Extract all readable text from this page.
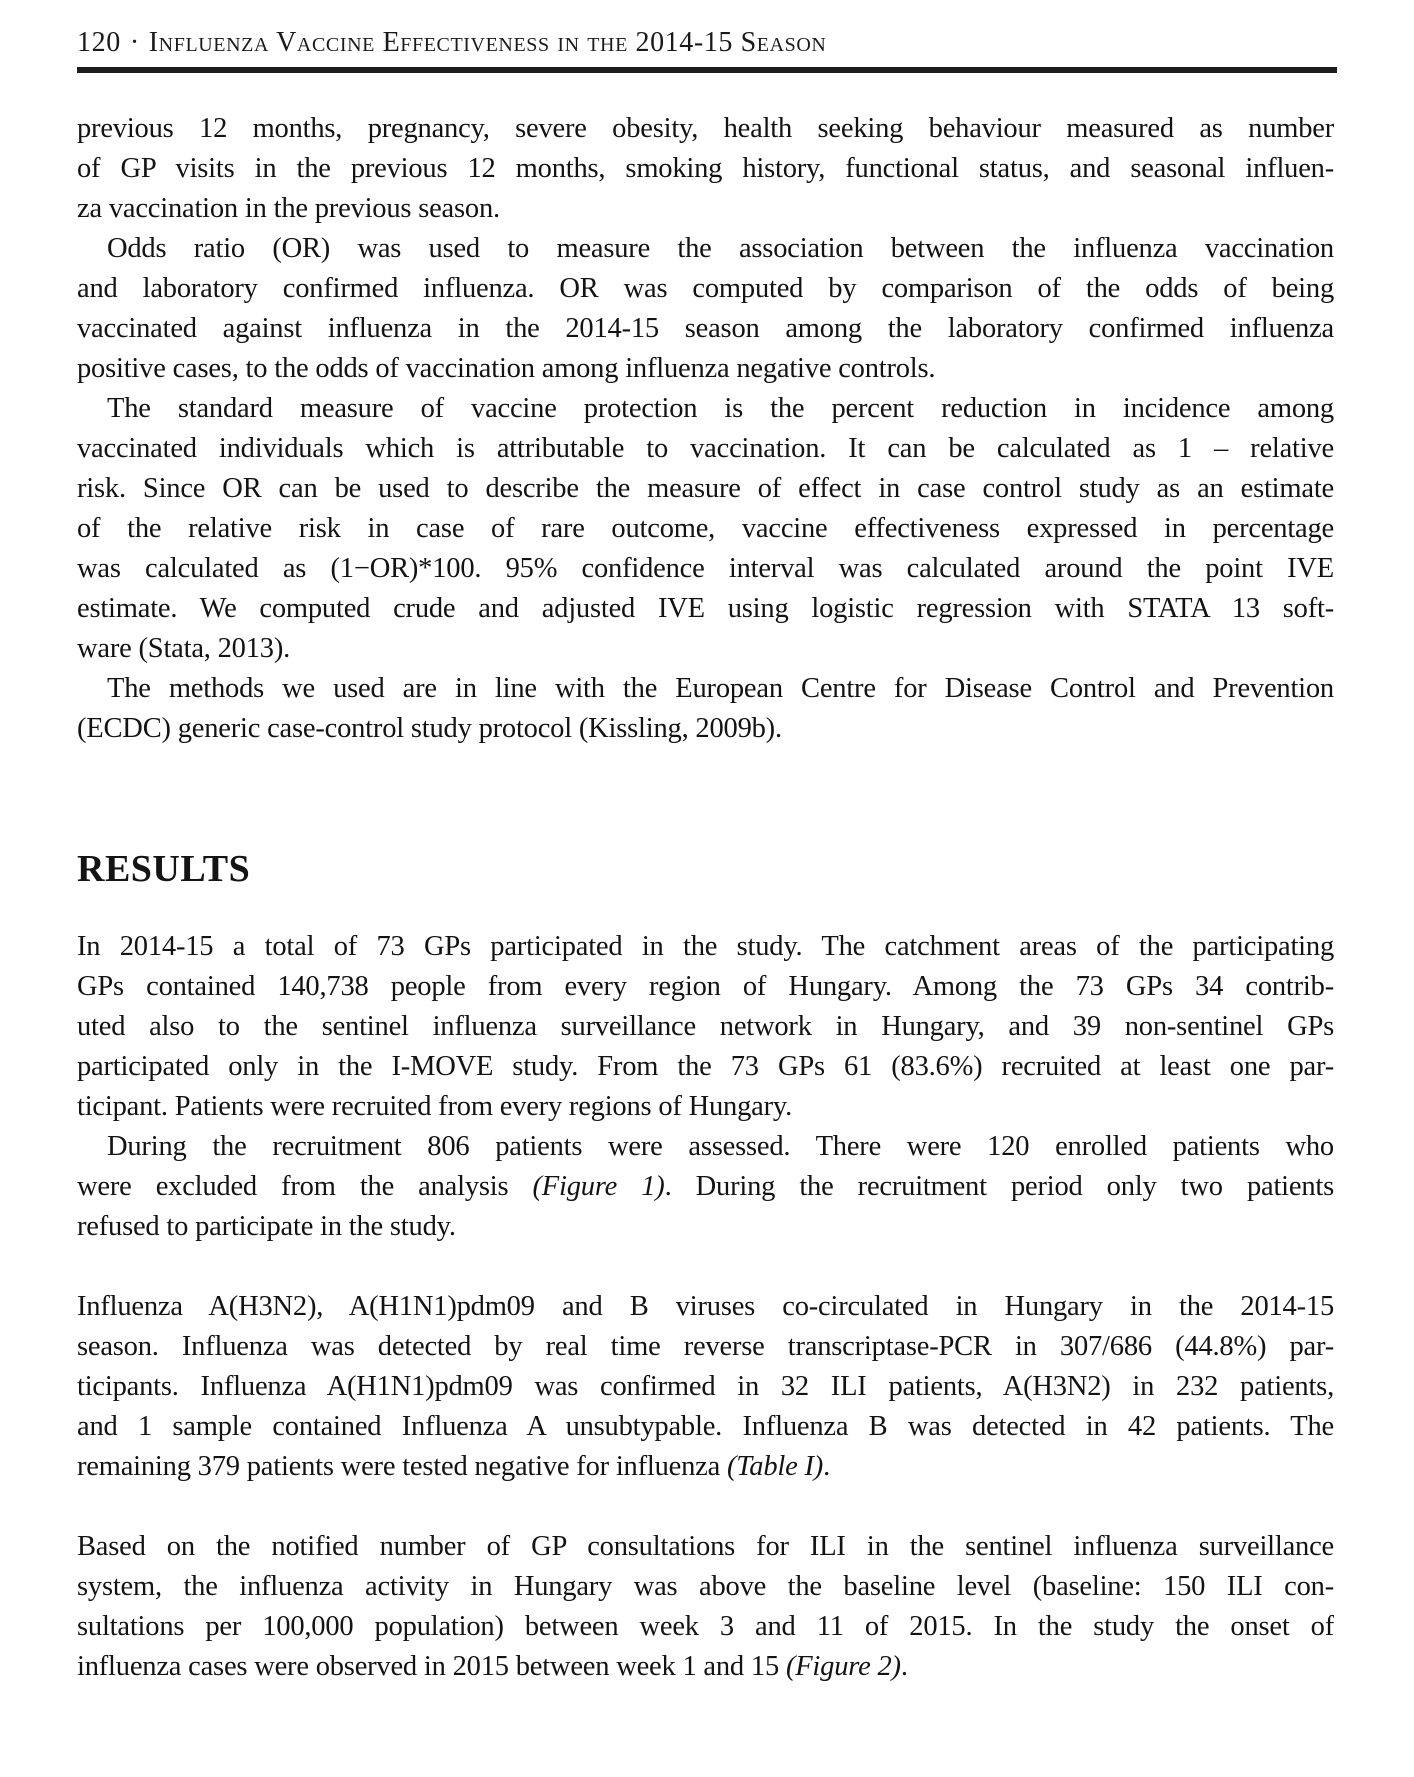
120 · Influenza Vaccine Effectiveness in the 2014-15 Season
previous 12 months, pregnancy, severe obesity, health seeking behaviour measured as number
of GP visits in the previous 12 months, smoking history, functional status, and seasonal influen-
za vaccination in the previous season.
Odds ratio (OR) was used to measure the association between the influenza vaccination
and laboratory confirmed influenza. OR was computed by comparison of the odds of being
vaccinated against influenza in the 2014-15 season among the laboratory confirmed influenza
positive cases, to the odds of vaccination among influenza negative controls.
The standard measure of vaccine protection is the percent reduction in incidence among
vaccinated individuals which is attributable to vaccination. It can be calculated as 1 – relative
risk. Since OR can be used to describe the measure of effect in case control study as an estimate
of the relative risk in case of rare outcome, vaccine effectiveness expressed in percentage
was calculated as (1−OR)*100. 95% confidence interval was calculated around the point IVE
estimate. We computed crude and adjusted IVE using logistic regression with STATA 13 soft-
ware (Stata, 2013).
The methods we used are in line with the European Centre for Disease Control and Prevention
(ECDC) generic case-control study protocol (Kissling, 2009b).
RESULTS
In 2014-15 a total of 73 GPs participated in the study. The catchment areas of the participating
GPs contained 140,738 people from every region of Hungary. Among the 73 GPs 34 contrib-
uted also to the sentinel influenza surveillance network in Hungary, and 39 non-sentinel GPs
participated only in the I-MOVE study. From the 73 GPs 61 (83.6%) recruited at least one par-
ticipant. Patients were recruited from every regions of Hungary.
During the recruitment 806 patients were assessed. There were 120 enrolled patients who
were excluded from the analysis (Figure 1). During the recruitment period only two patients
refused to participate in the study.
Influenza A(H3N2), A(H1N1)pdm09 and B viruses co-circulated in Hungary in the 2014-15
season. Influenza was detected by real time reverse transcriptase-PCR in 307/686 (44.8%) par-
ticipants. Influenza A(H1N1)pdm09 was confirmed in 32 ILI patients, A(H3N2) in 232 patients,
and 1 sample contained Influenza A unsubtypable. Influenza B was detected in 42 patients. The
remaining 379 patients were tested negative for influenza (Table I).
Based on the notified number of GP consultations for ILI in the sentinel influenza surveillance
system, the influenza activity in Hungary was above the baseline level (baseline: 150 ILI con-
sultations per 100,000 population) between week 3 and 11 of 2015. In the study the onset of
influenza cases were observed in 2015 between week 1 and 15 (Figure 2).
